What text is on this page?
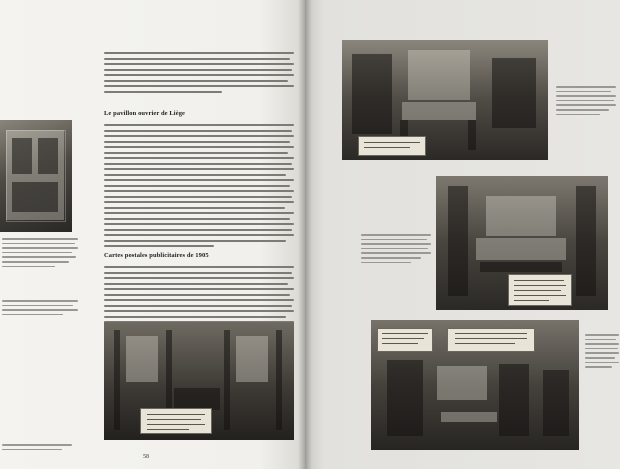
Le pavillon ouvrier de Liège
Cartes postales publicitaires de 1905
58
